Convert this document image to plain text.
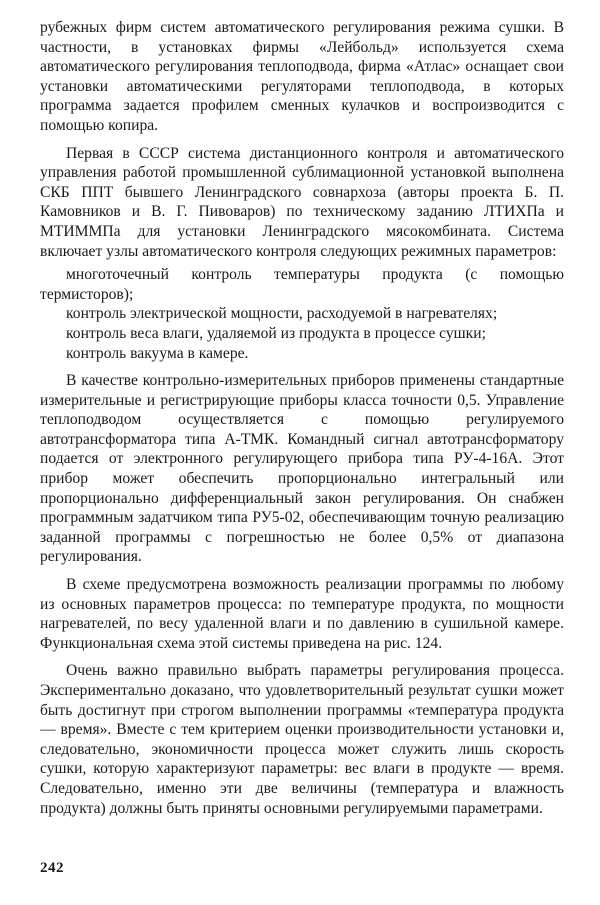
рубежных фирм систем автоматического регулирования режима сушки. В частности, в установках фирмы «Лейбольд» используется схема автоматического регулирования теплоподвода, фирма «Атлас» оснащает свои установки автоматическими регуляторами теплоподвода, в которых программа задается профилем сменных кулачков и воспроизводится с помощью копира.

Первая в СССР система дистанционного контроля и автоматического управления работой промышленной сублимационной установкой выполнена СКБ ППТ бывшего Ленинградского совнархоза (авторы проекта Б. П. Камовников и В. Г. Пивоваров) по техническому заданию ЛТИХПа и МТИММПа для установки Ленинградского мясокомбината. Система включает узлы автоматического контроля следующих режимных параметров:

многоточечный контроль температуры продукта (с помощью термисторов);

контроль электрической мощности, расходуемой в нагревателях;

контроль веса влаги, удаляемой из продукта в процессе сушки;

контроль вакуума в камере.

В качестве контрольно-измерительных приборов применены стандартные измерительные и регистрирующие приборы класса точности 0,5. Управление теплоподводом осуществляется с помощью регулируемого автотрансформатора типа А-ТМК. Командный сигнал автотрансформатору подается от электронного регулирующего прибора типа РУ-4-16А. Этот прибор может обеспечить пропорционально интегральный или пропорционально дифференциальный закон регулирования. Он снабжен программным задатчиком типа РУ5-02, обеспечивающим точную реализацию заданной программы с погрешностью не более 0,5% от диапазона регулирования.

В схеме предусмотрена возможность реализации программы по любому из основных параметров процесса: по температуре продукта, по мощности нагревателей, по весу удаленной влаги и по давлению в сушильной камере. Функциональная схема этой системы приведена на рис. 124.

Очень важно правильно выбрать параметры регулирования процесса. Экспериментально доказано, что удовлетворительный результат сушки может быть достигнут при строгом выполнении программы «температура продукта — время». Вместе с тем критерием оценки производительности установки и, следовательно, экономичности процесса может служить лишь скорость сушки, которую характеризуют параметры: вес влаги в продукте — время. Следовательно, именно эти две величины (температура и влажность продукта) должны быть приняты основными регулируемыми параметрами.

242
